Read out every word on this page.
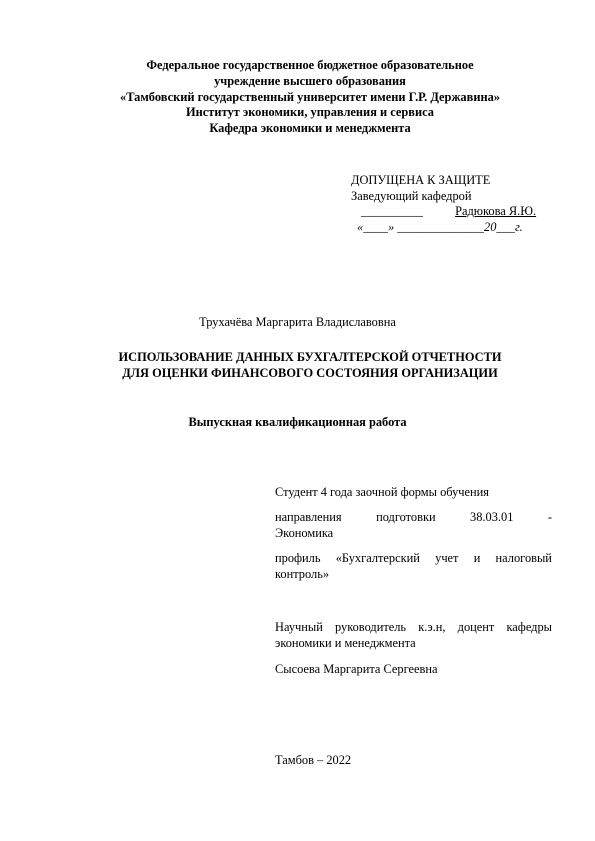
Федеральное государственное бюджетное образовательное
учреждение высшего образования
«Тамбовский государственный университет имени Г.Р. Державина»
Институт экономики, управления и сервиса
Кафедра экономики и менеджмента
ДОПУЩЕНА К ЗАЩИТЕ
Заведующий кафедрой
__________	Радюкова Я.Ю.
«____» ______________20___г.
Трухачёва Маргарита Владиславовна
ИСПОЛЬЗОВАНИЕ ДАННЫХ БУХГАЛТЕРСКОЙ ОТЧЕТНОСТИ
ДЛЯ ОЦЕНКИ ФИНАНСОВОГО СОСТОЯНИЯ ОРГАНИЗАЦИИ
Выпускная квалификационная работа
Студент 4 года заочной формы обучения
направления	подготовки	38.03.01	-
Экономика
профиль «Бухгалтерский учет и налоговый
контроль»
Научный руководитель к.э.н, доцент кафедры
экономики и менеджмента
Сысоева Маргарита Сергеевна
Тамбов – 2022
